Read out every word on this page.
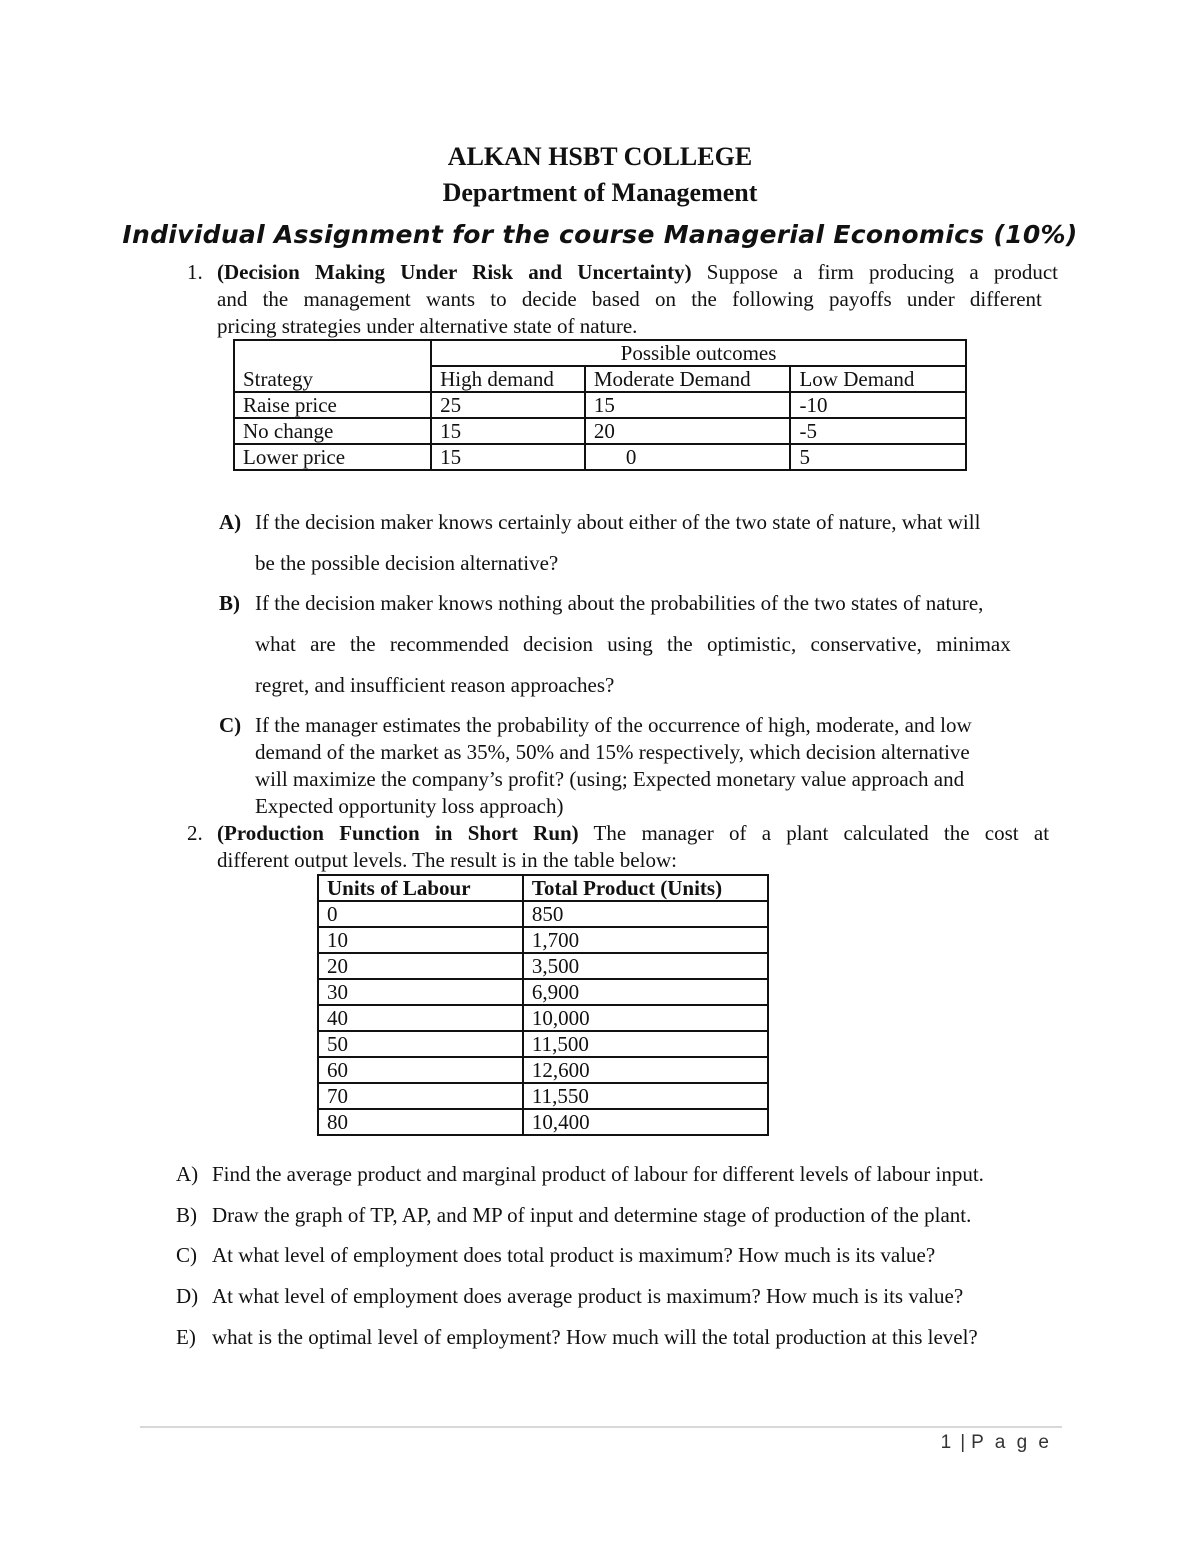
ALKAN HSBT COLLEGE
Department of Management
Individual Assignment for the course Managerial Economics (10%)
1. (Decision Making Under Risk and Uncertainty) Suppose a firm producing a product and the management wants to decide based on the following payoffs under different pricing strategies under alternative state of nature.
Strategy	Possible outcomes		
	High demand	Moderate Demand	Low Demand
Raise price	25	15	-10
No change	15	20	-5
Lower price	15	0	5
A) If the decision maker knows certainly about either of the two state of nature, what will
be the possible decision alternative?
B) If the decision maker knows nothing about the probabilities of the two states of nature,
what are the recommended decision using the optimistic, conservative, minimax
regret, and insufficient reason approaches?
C) If the manager estimates the probability of the occurrence of high, moderate, and low
demand of the market as 35%, 50% and 15% respectively, which decision alternative
will maximize the company’s profit? (using; Expected monetary value approach and
Expected opportunity loss approach)
2. (Production Function in Short Run) The manager of a plant calculated the cost at different output levels. The result is in the table below:
Units of Labour	Total Product (Units)
0	850
10	1,700
20	3,500
30	6,900
40	10,000
50	11,500
60	12,600
70	11,550
80	10,400
A) Find the average product and marginal product of labour for different levels of labour input.
B) Draw the graph of TP, AP, and MP of input and determine stage of production of the plant.
C) At what level of employment does total product is maximum? How much is its value?
D) At what level of employment does average product is maximum? How much is its value?
E) what is the optimal level of employment? How much will the total production at this level?
1 | P a g e
